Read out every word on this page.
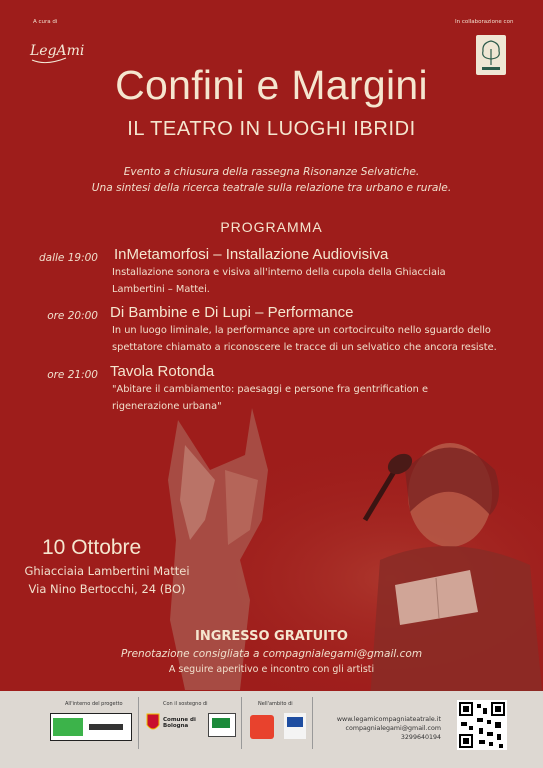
A cura di
LegAmi
In collaborazione con
Confini e Margini
IL TEATRO IN LUOGHI IBRIDI
Evento a chiusura della rassegna Risonanze Selvatiche.
Una sintesi della ricerca teatrale sulla relazione tra urbano e rurale.
PROGRAMMA
dalle 19:00 InMetamorfosi – Installazione Audiovisiva
Installazione sonora e visiva all'interno della cupola della Ghiacciaia
Lambertini – Mattei.
ore 20:00 Di Bambine e Di Lupi – Performance
In un luogo liminale, la performance apre un cortocircuito nello sguardo dello
spettatore chiamato a riconoscere le tracce di un selvatico che ancora resiste.
ore 21:00 Tavola Rotonda
"Abitare il cambiamento: paesaggi e persone fra gentrification e
rigenerazione urbana"
10 Ottobre
Ghiacciaia Lambertini Mattei
Via Nino Bertocchi, 24 (BO)
INGRESSO GRATUITO
Prenotazione consigliata a compagnialegami@gmail.com
A seguire aperitivo e incontro con gli artisti
All'interno del progetto	Con il sostegno di
Comune di Bologna
Nell'ambito di
www.legamicompagniateatrale.it
compagnialegami@gmail.com
3299640194
